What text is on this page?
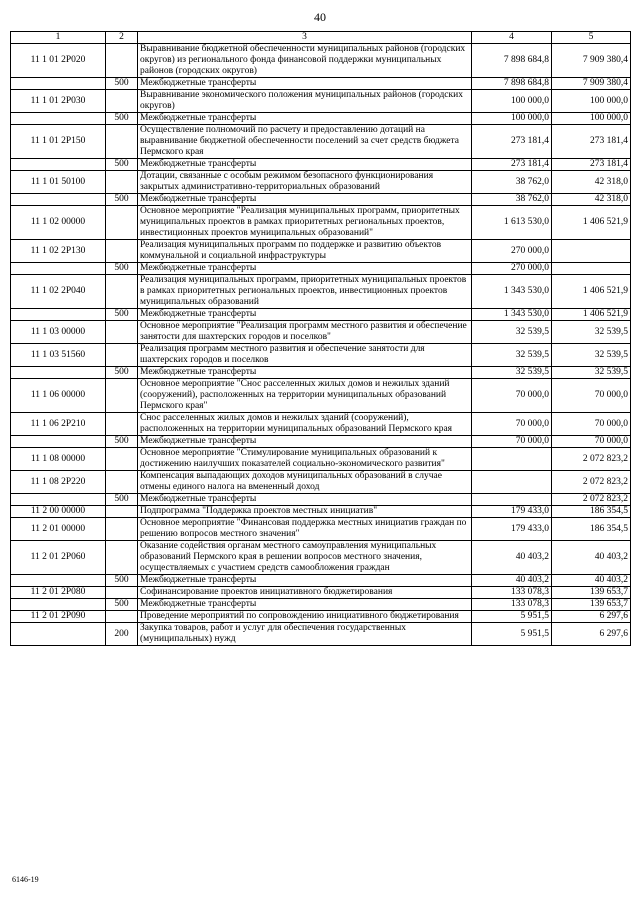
40
1	2	3	4	5
11 1 01 2P020		Выравнивание бюджетной обеспеченности муниципальных районов (городских округов) из регионального фонда финансовой поддержки муниципальных районов (городских округов)	7 898 684,8	7 909 380,4
	500	Межбюджетные трансферты	7 898 684,8	7 909 380,4
11 1 01 2P030		Выравнивание экономического положения муниципальных районов (городских округов)	100 000,0	100 000,0
	500	Межбюджетные трансферты	100 000,0	100 000,0
11 1 01 2P150		Осуществление полномочий по расчету и предоставлению дотаций на выравнивание бюджетной обеспеченности поселений за счет средств бюджета Пермского края	273 181,4	273 181,4
	500	Межбюджетные трансферты	273 181,4	273 181,4
11 1 01 50100		Дотации, связанные с особым режимом безопасного функционирования закрытых административно-территориальных образований	38 762,0	42 318,0
	500	Межбюджетные трансферты	38 762,0	42 318,0
11 1 02 00000		Основное мероприятие "Реализация муниципальных программ, приоритетных муниципальных проектов в рамках приоритетных региональных проектов, инвестиционных проектов муниципальных образований"	1 613 530,0	1 406 521,9
11 1 02 2P130		Реализация муниципальных программ по поддержке и развитию объектов коммунальной и социальной инфраструктуры	270 000,0	
	500	Межбюджетные трансферты	270 000,0	
11 1 02 2P040		Реализация муниципальных программ, приоритетных муниципальных проектов в рамках приоритетных региональных проектов, инвестиционных проектов муниципальных образований	1 343 530,0	1 406 521,9
	500	Межбюджетные трансферты	1 343 530,0	1 406 521,9
11 1 03 00000		Основное мероприятие "Реализация программ местного развития и обеспечение занятости для шахтерских городов и поселков"	32 539,5	32 539,5
11 1 03 51560		Реализация программ местного развития и обеспечение занятости для шахтерских городов и поселков	32 539,5	32 539,5
	500	Межбюджетные трансферты	32 539,5	32 539,5
11 1 06 00000		Основное мероприятие "Снос расселенных жилых домов и нежилых зданий (сооружений), расположенных на территории муниципальных образований Пермского края"	70 000,0	70 000,0
11 1 06 2P210		Снос расселенных жилых домов и нежилых зданий (сооружений), расположенных на территории муниципальных образований Пермского края	70 000,0	70 000,0
	500	Межбюджетные трансферты	70 000,0	70 000,0
11 1 08 00000		Основное мероприятие "Стимулирование муниципальных образований к достижению наилучших показателей социально-экономического развития"		2 072 823,2
11 1 08 2P220		Компенсация выпадающих доходов муниципальных образований в случае отмены единого налога на вмененный доход		2 072 823,2
	500	Межбюджетные трансферты		2 072 823,2
11 2 00 00000		Подпрограмма "Поддержка проектов местных инициатив"	179 433,0	186 354,5
11 2 01 00000		Основное мероприятие "Финансовая поддержка местных инициатив граждан по решению вопросов местного значения"	179 433,0	186 354,5
11 2 01 2P060		Оказание содействия органам местного самоуправления муниципальных образований Пермского края в решении вопросов местного значения, осуществляемых с участием средств самообложения граждан	40 403,2	40 403,2
	500	Межбюджетные трансферты	40 403,2	40 403,2
11 2 01 2P080		Софинансирование проектов инициативного бюджетирования	133 078,3	139 653,7
	500	Межбюджетные трансферты	133 078,3	139 653,7
11 2 01 2P090		Проведение мероприятий по сопровождению инициативного бюджетирования	5 951,5	6 297,6
	200	Закупка товаров, работ и услуг для обеспечения государственных (муниципальных) нужд	5 951,5	6 297,6
6146-19
